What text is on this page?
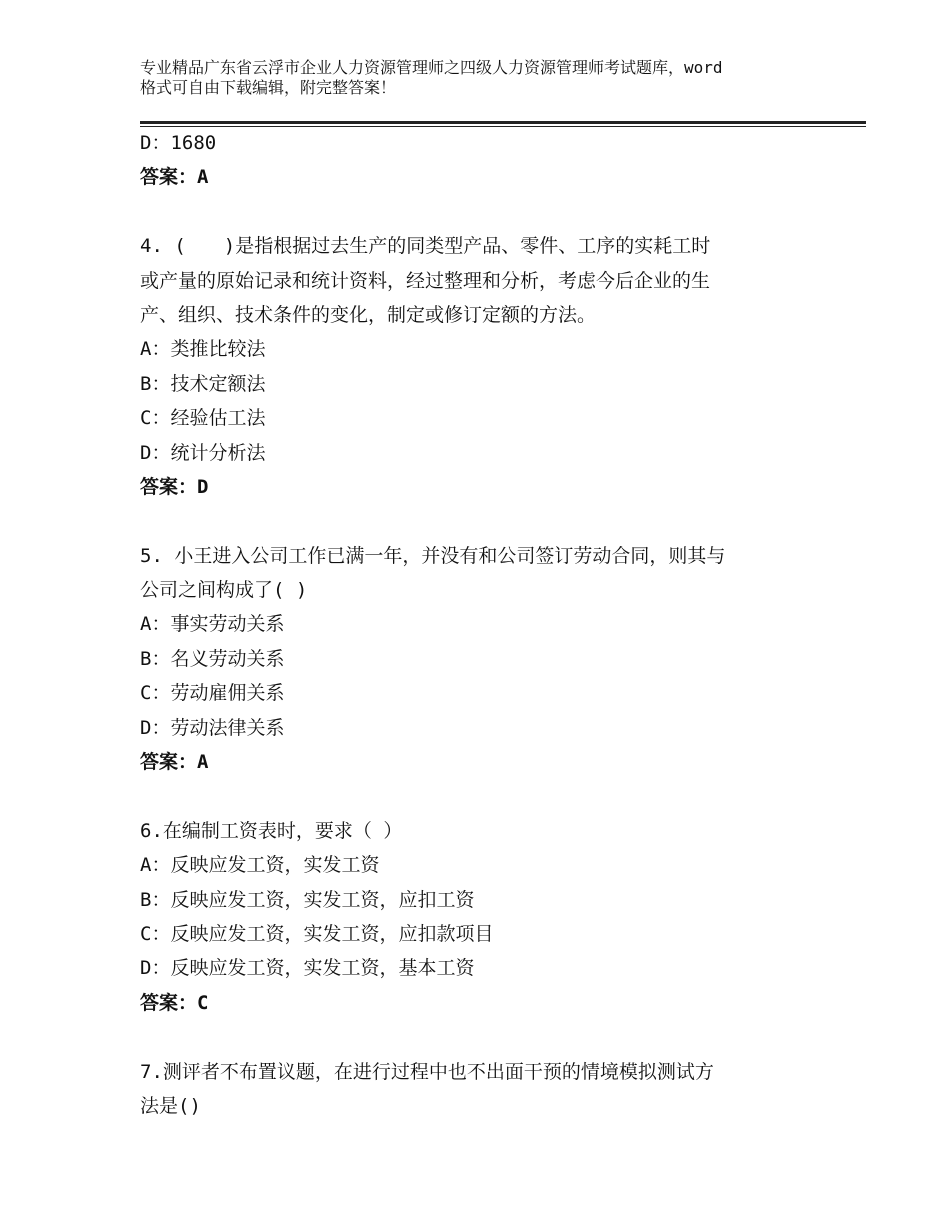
专业精品广东省云浮市企业人力资源管理师之四级人力资源管理师考试题库，word
格式可自由下载编辑，附完整答案！
D：1680
答案：A
4. (　　)是指根据过去生产的同类型产品、零件、工序的实耗工时
或产量的原始记录和统计资料，经过整理和分析，考虑今后企业的生
产、组织、技术条件的变化，制定或修订定额的方法。
A：类推比较法
B：技术定额法
C：经验估工法
D：统计分析法
答案：D
5. 小王进入公司工作已满一年，并没有和公司签订劳动合同，则其与
公司之间构成了( )
A：事实劳动关系
B：名义劳动关系
C：劳动雇佣关系
D：劳动法律关系
答案：A
6.在编制工资表时，要求（ ）
A：反映应发工资，实发工资
B：反映应发工资，实发工资，应扣工资
C：反映应发工资，实发工资，应扣款项目
D：反映应发工资，实发工资，基本工资
答案：C
7.测评者不布置议题，在进行过程中也不出面干预的情境模拟测试方
法是()
